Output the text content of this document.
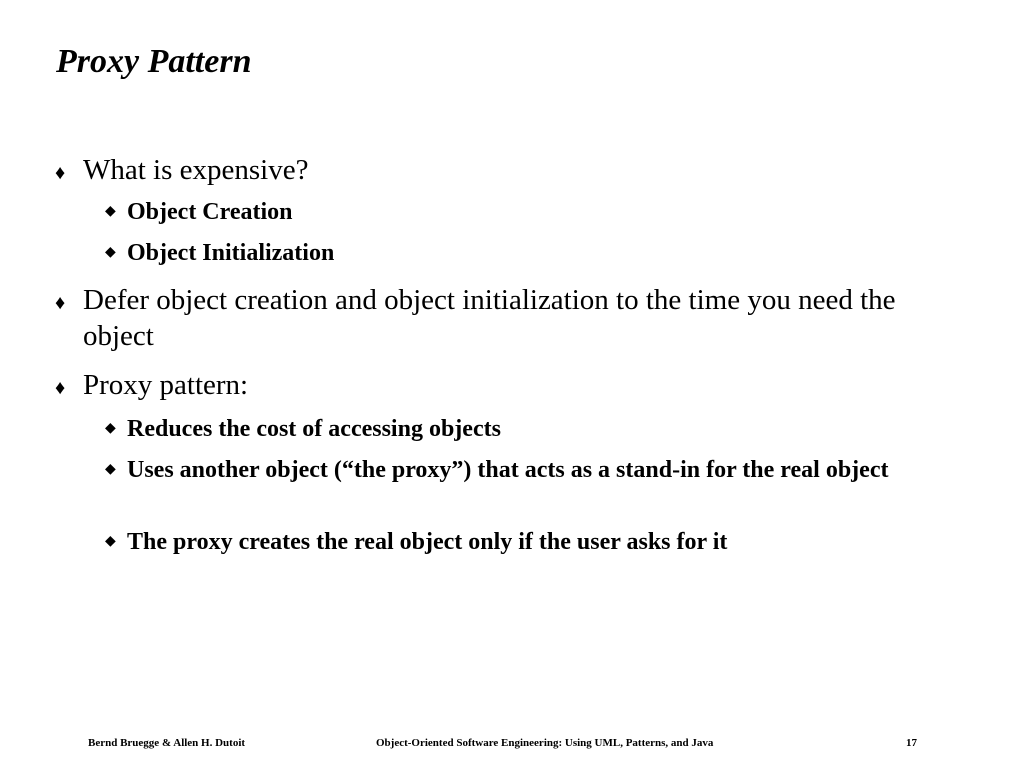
Proxy Pattern
♦ What is expensive?
◆ Object Creation
◆ Object Initialization
♦ Defer object creation and object initialization to the time you need the object
♦ Proxy pattern:
◆ Reduces the cost of accessing objects
◆ Uses another object (“the proxy”) that acts as a stand-in for the real object
◆ The proxy creates the real object only if the user asks for it
Bernd Bruegge & Allen H. Dutoit	Object-Oriented Software Engineering: Using UML, Patterns, and Java	17
